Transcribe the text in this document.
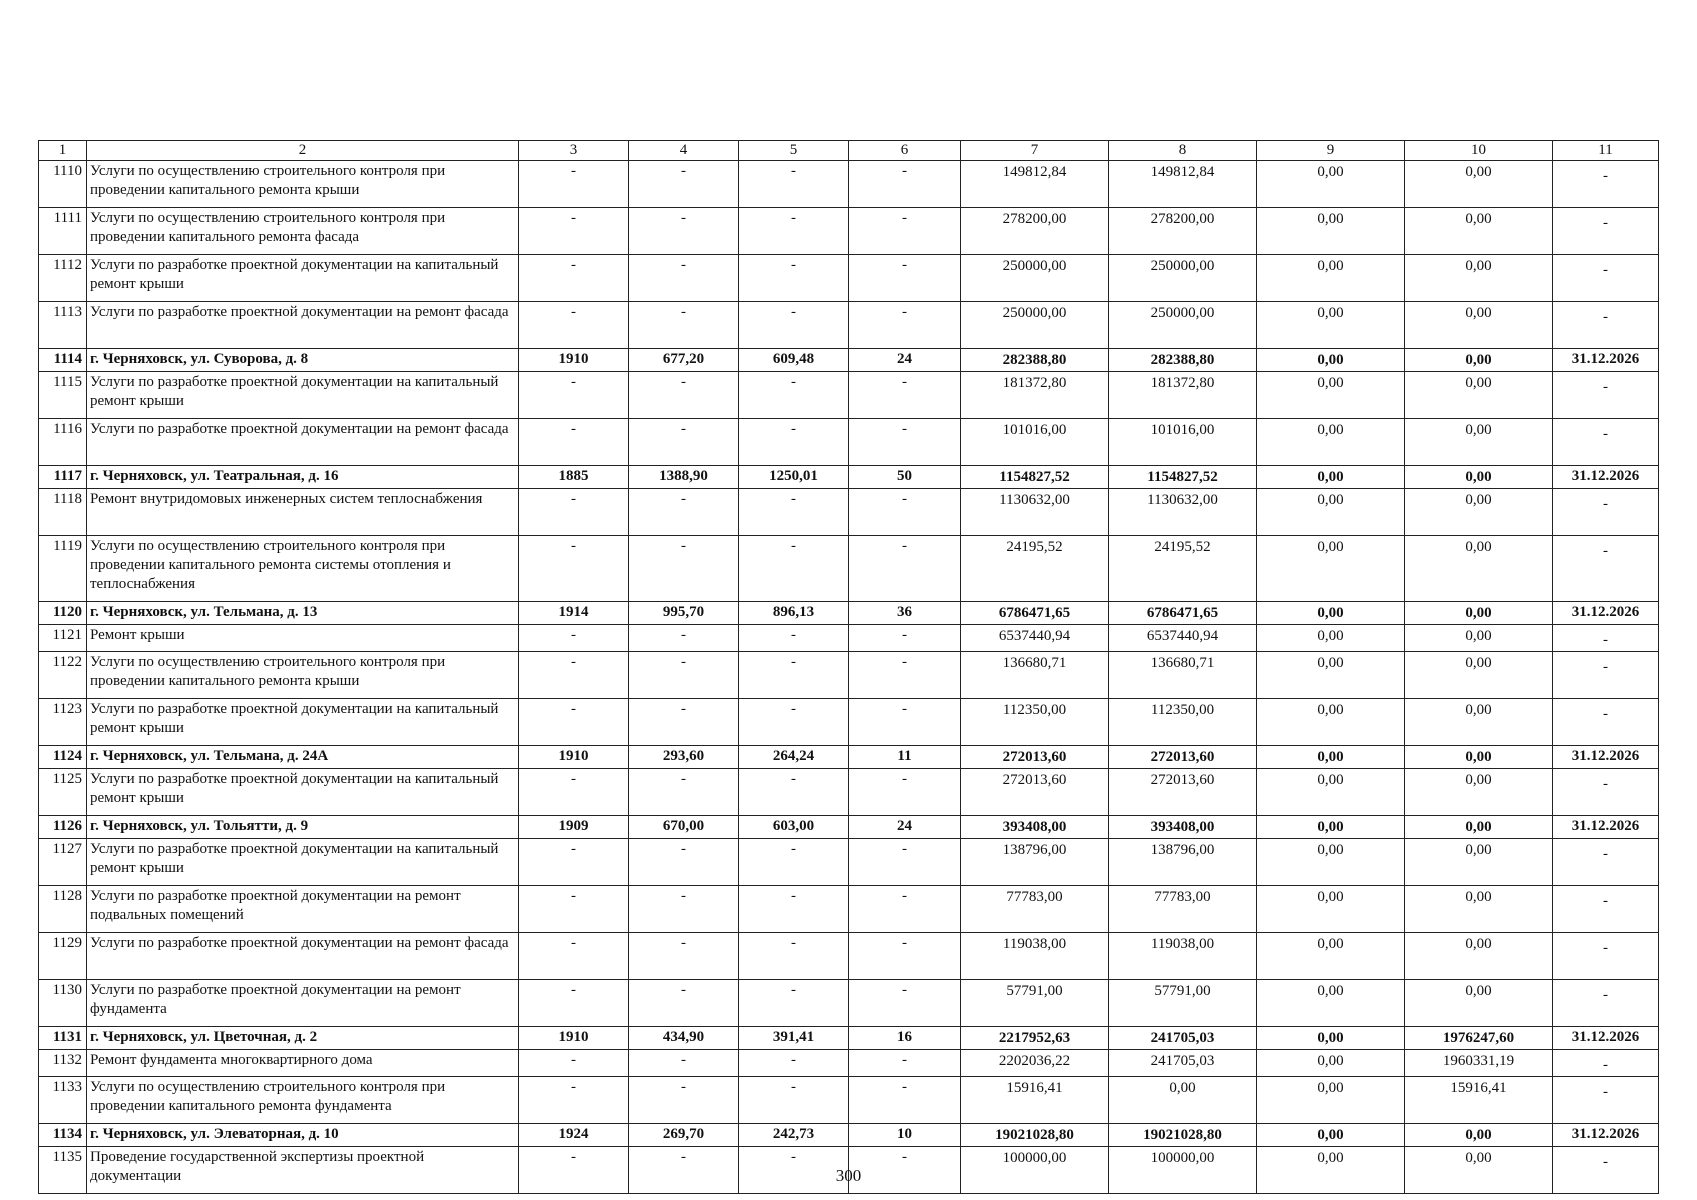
1	2	3	4	5	6	7	8	9	10	11
1110	Услуги по осуществлению строительного контроля при проведении капитального ремонта крыши	-	-	-	-	149812,84	149812,84	0,00	0,00	-
1111	Услуги по осуществлению строительного контроля при проведении капитального ремонта фасада	-	-	-	-	278200,00	278200,00	0,00	0,00	-
1112	Услуги по разработке проектной документации на капитальный ремонт крыши	-	-	-	-	250000,00	250000,00	0,00	0,00	-
1113	Услуги по разработке проектной документации на ремонт фасада	-	-	-	-	250000,00	250000,00	0,00	0,00	-
1114	г. Черняховск, ул. Суворова, д. 8	1910	677,20	609,48	24	282388,80	282388,80	0,00	0,00	31.12.2026
1115	Услуги по разработке проектной документации на капитальный ремонт крыши	-	-	-	-	181372,80	181372,80	0,00	0,00	-
1116	Услуги по разработке проектной документации на ремонт фасада	-	-	-	-	101016,00	101016,00	0,00	0,00	-
1117	г. Черняховск, ул. Театральная, д. 16	1885	1388,90	1250,01	50	1154827,52	1154827,52	0,00	0,00	31.12.2026
1118	Ремонт внутридомовых инженерных систем теплоснабжения	-	-	-	-	1130632,00	1130632,00	0,00	0,00	-
1119	Услуги по осуществлению строительного контроля при проведении капитального ремонта системы отопления и теплоснабжения	-	-	-	-	24195,52	24195,52	0,00	0,00	-
1120	г. Черняховск, ул. Тельмана, д. 13	1914	995,70	896,13	36	6786471,65	6786471,65	0,00	0,00	31.12.2026
1121	Ремонт крыши	-	-	-	-	6537440,94	6537440,94	0,00	0,00	-
1122	Услуги по осуществлению строительного контроля при проведении капитального ремонта крыши	-	-	-	-	136680,71	136680,71	0,00	0,00	-
1123	Услуги по разработке проектной документации на капитальный ремонт крыши	-	-	-	-	112350,00	112350,00	0,00	0,00	-
1124	г. Черняховск, ул. Тельмана, д. 24А	1910	293,60	264,24	11	272013,60	272013,60	0,00	0,00	31.12.2026
1125	Услуги по разработке проектной документации на капитальный ремонт крыши	-	-	-	-	272013,60	272013,60	0,00	0,00	-
1126	г. Черняховск, ул. Тольятти, д. 9	1909	670,00	603,00	24	393408,00	393408,00	0,00	0,00	31.12.2026
1127	Услуги по разработке проектной документации на капитальный ремонт крыши	-	-	-	-	138796,00	138796,00	0,00	0,00	-
1128	Услуги по разработке проектной документации на ремонт подвальных помещений	-	-	-	-	77783,00	77783,00	0,00	0,00	-
1129	Услуги по разработке проектной документации на ремонт фасада	-	-	-	-	119038,00	119038,00	0,00	0,00	-
1130	Услуги по разработке проектной документации на ремонт фундамента	-	-	-	-	57791,00	57791,00	0,00	0,00	-
1131	г. Черняховск, ул. Цветочная, д. 2	1910	434,90	391,41	16	2217952,63	241705,03	0,00	1976247,60	31.12.2026
1132	Ремонт фундамента многоквартирного дома	-	-	-	-	2202036,22	241705,03	0,00	1960331,19	-
1133	Услуги по осуществлению строительного контроля при проведении капитального ремонта фундамента	-	-	-	-	15916,41	0,00	0,00	15916,41	-
1134	г. Черняховск, ул. Элеваторная, д. 10	1924	269,70	242,73	10	19021028,80	19021028,80	0,00	0,00	31.12.2026
1135	Проведение государственной экспертизы проектной документации	-	-	-	-	100000,00	100000,00	0,00	0,00	-
300
